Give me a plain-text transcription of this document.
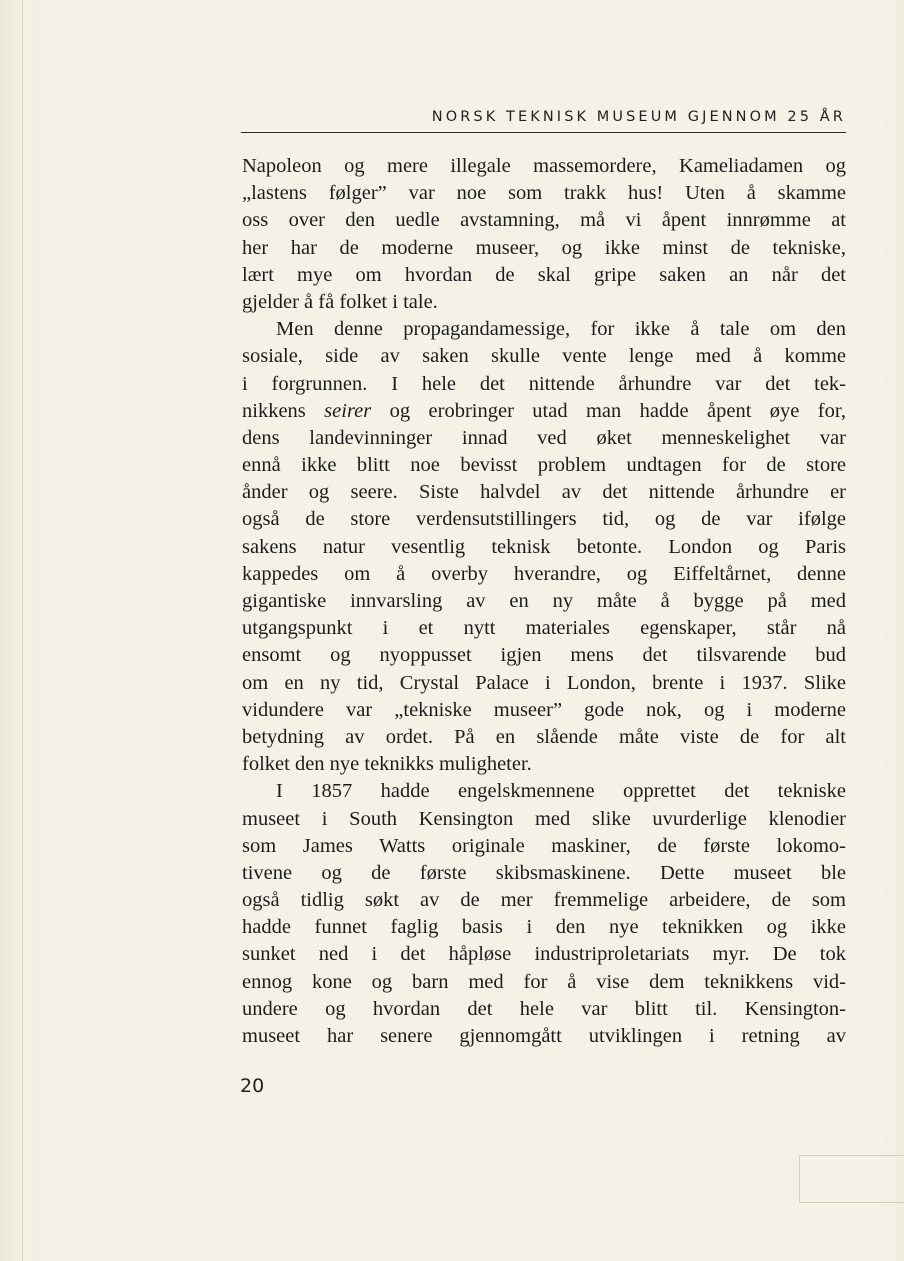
NORSK TEKNISK MUSEUM GJENNOM 25 ÅR
Napoleon og mere illegale massemordere, Kameliadamen og
„lastens følger” var noe som trakk hus! Uten å skamme
oss over den uedle avstamning, må vi åpent innrømme at
her har de moderne museer, og ikke minst de tekniske,
lært mye om hvordan de skal gripe saken an når det
gjelder å få folket i tale.
Men denne propagandamessige, for ikke å tale om den
sosiale, side av saken skulle vente lenge med å komme
i forgrunnen. I hele det nittende århundre var det tek-
nikkens seirer og erobringer utad man hadde åpent øye for,
dens landevinninger innad ved øket menneskelighet var
ennå ikke blitt noe bevisst problem undtagen for de store
ånder og seere. Siste halvdel av det nittende århundre er
også de store verdensutstillingers tid, og de var ifølge
sakens natur vesentlig teknisk betonte. London og Paris
kappedes om å overby hverandre, og Eiffeltårnet, denne
gigantiske innvarsling av en ny måte å bygge på med
utgangspunkt i et nytt materiales egenskaper, står nå
ensomt og nyoppusset igjen mens det tilsvarende bud
om en ny tid, Crystal Palace i London, brente i 1937. Slike
vidundere var „tekniske museer” gode nok, og i moderne
betydning av ordet. På en slående måte viste de for alt
folket den nye teknikks muligheter.
I 1857 hadde engelskmennene opprettet det tekniske
museet i South Kensington med slike uvurderlige klenodier
som James Watts originale maskiner, de første lokomo-
tivene og de første skibsmaskinene. Dette museet ble
også tidlig søkt av de mer fremmelige arbeidere, de som
hadde funnet faglig basis i den nye teknikken og ikke
sunket ned i det håpløse industriproletariats myr. De tok
ennog kone og barn med for å vise dem teknikkens vid-
undere og hvordan det hele var blitt til. Kensington-
museet har senere gjennomgått utviklingen i retning av
20
